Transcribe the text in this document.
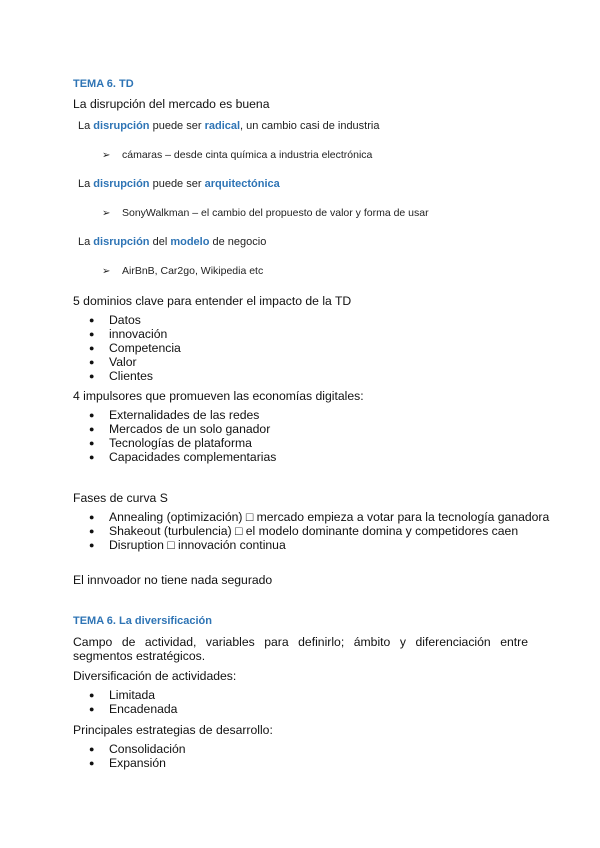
TEMA 6. TD
La disrupción del mercado es buena
La disrupción puede ser radical, un cambio casi de industria
➢ cámaras – desde cinta química a industria electrónica
La disrupción puede ser arquitectónica
➢ SonyWalkman – el cambio del propuesto de valor y forma de usar
La disrupción del modelo de negocio
➢ AirBnB, Car2go, Wikipedia etc
5 dominios clave para entender el impacto de la TD
● Datos
● innovación
● Competencia
● Valor
● Clientes
4 impulsores que promueven las economías digitales:
● Externalidades de las redes
● Mercados de un solo ganador
● Tecnologías de plataforma
● Capacidades complementarias
Fases de curva S
● Annealing (optimización) □ mercado empieza a votar para la tecnología ganadora
● Shakeout (turbulencia) □ el modelo dominante domina y competidores caen
● Disruption □ innovación continua
El innvoador no tiene nada segurado
TEMA 6. La diversificación
Campo de actividad, variables para definirlo; ámbito y diferenciación entre segmentos estratégicos.
Diversificación de actividades:
● Limitada
● Encadenada
Principales estrategias de desarrollo:
● Consolidación
● Expansión
